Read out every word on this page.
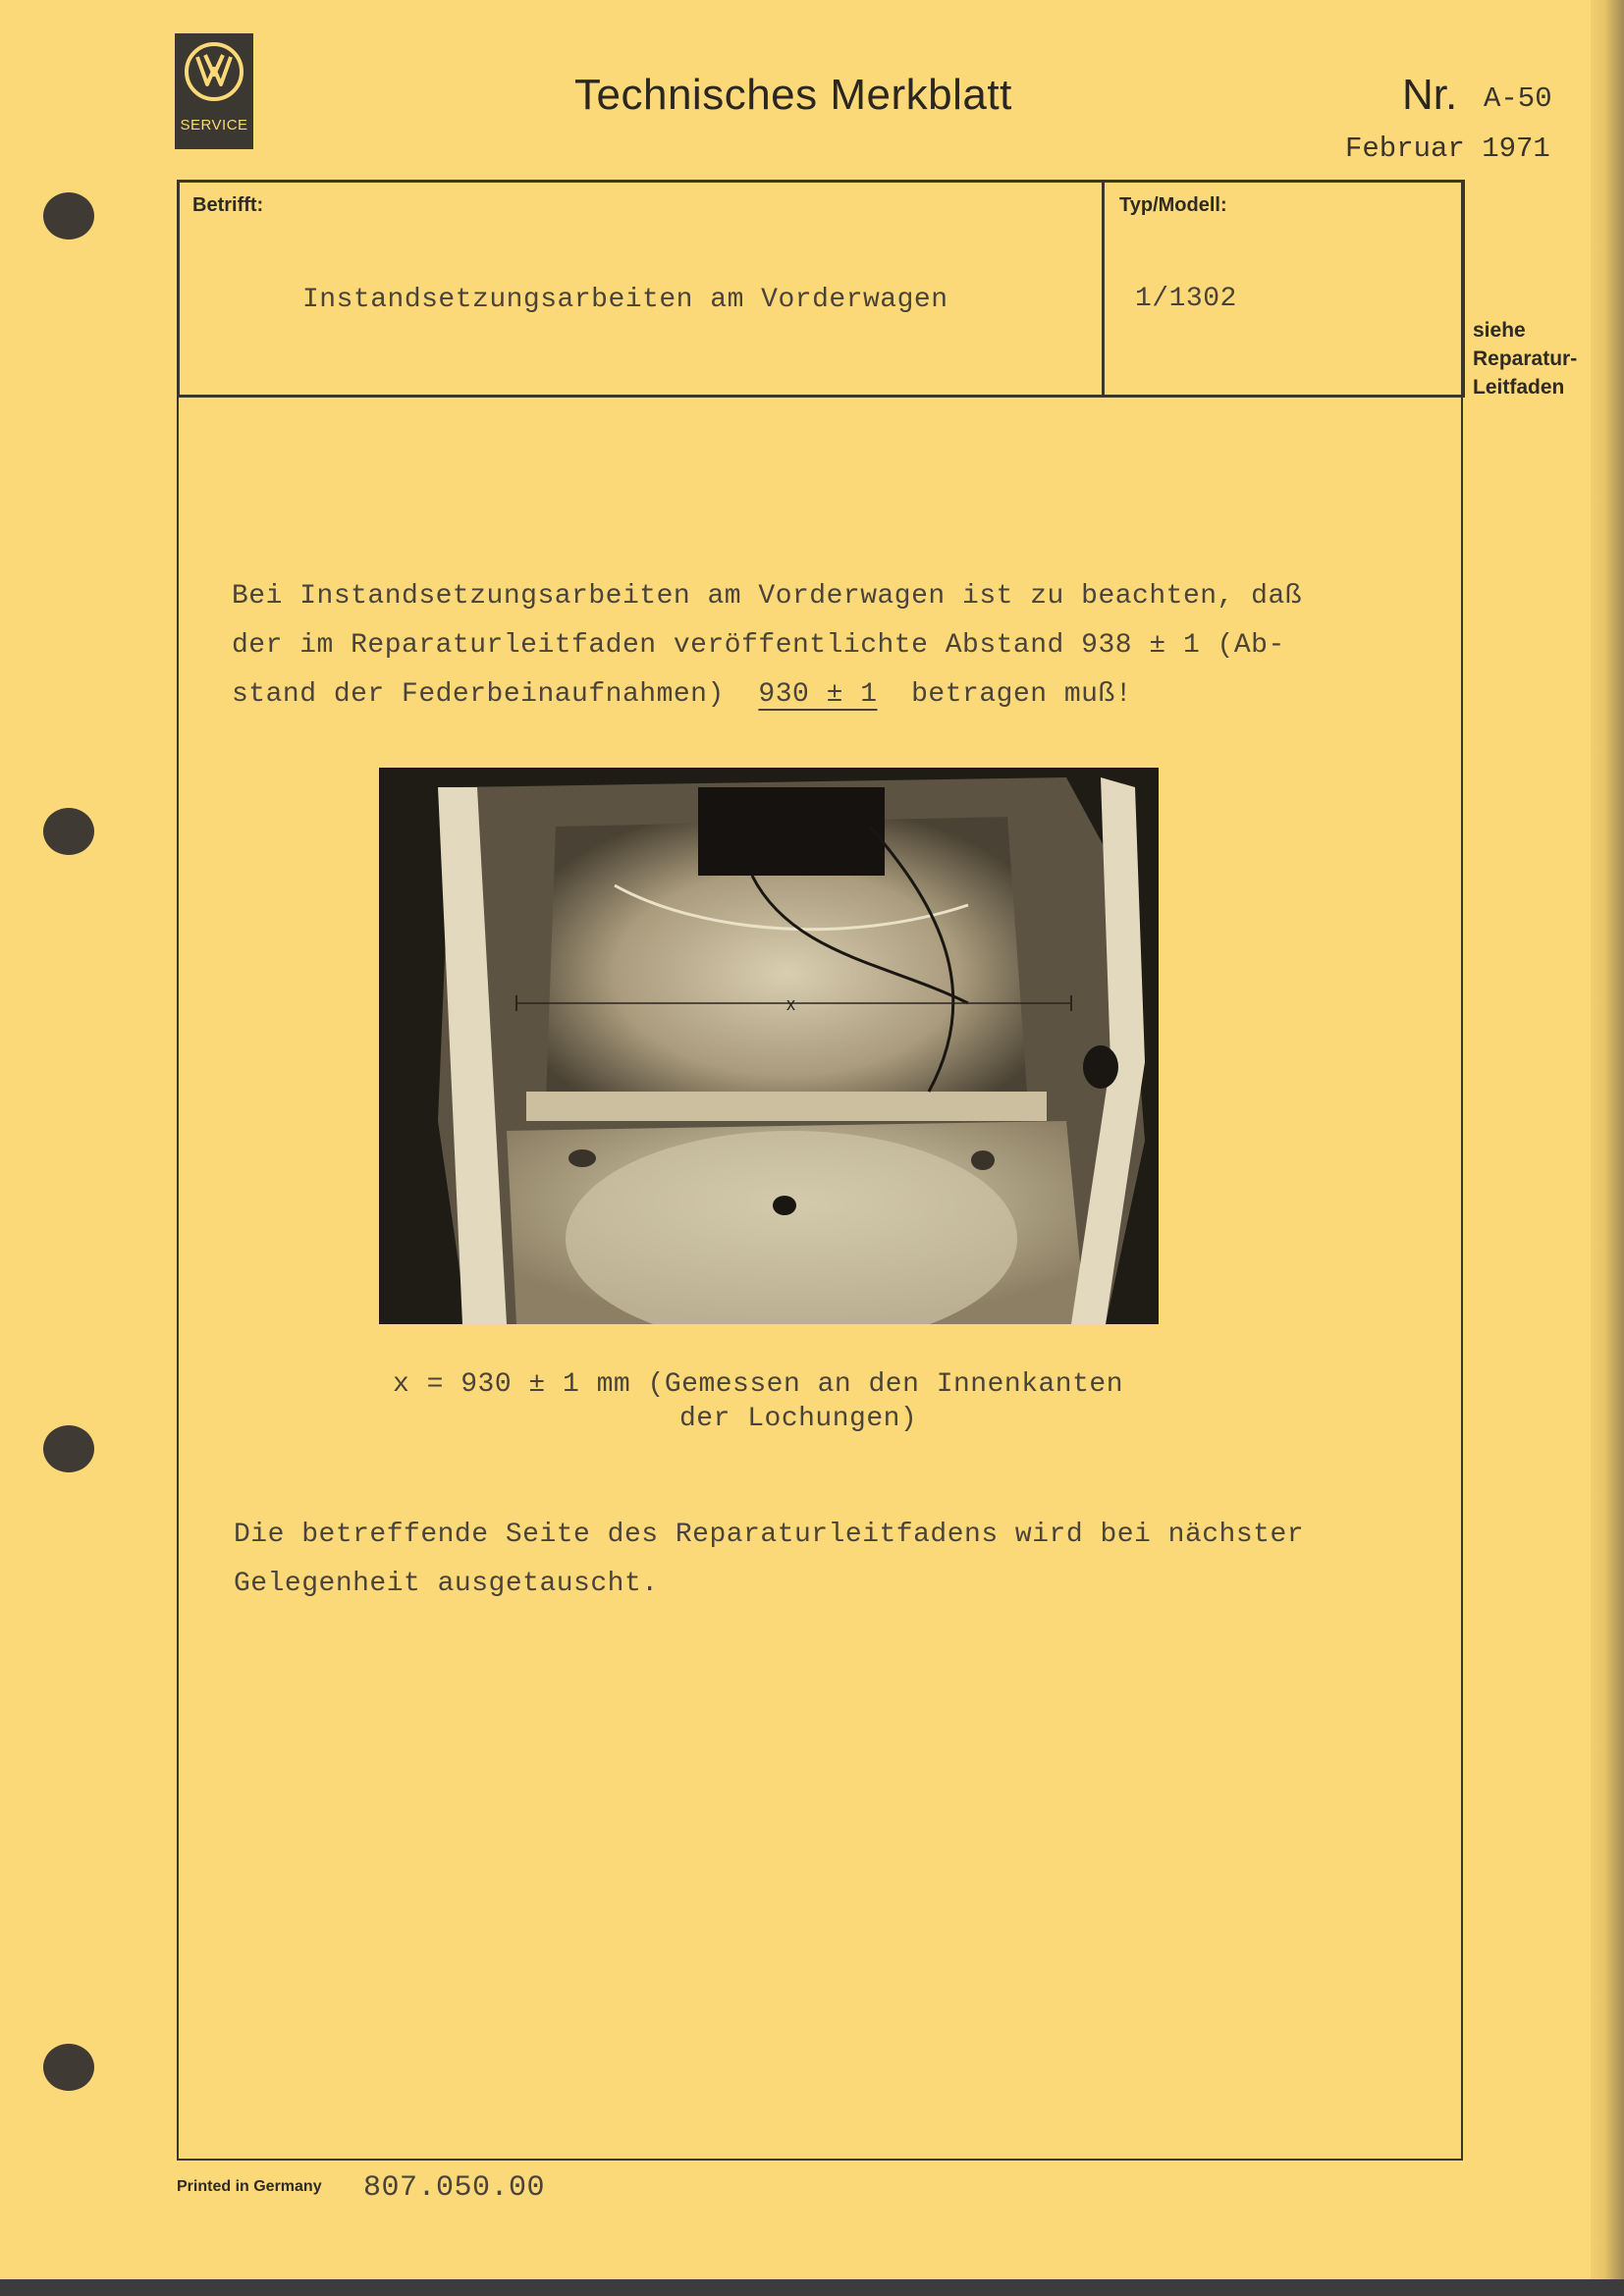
SERVICE
Technisches Merkblatt	Nr. A-50
Februar 1971
Betrifft:	Typ/Modell:
Instandsetzungsarbeiten am Vorderwagen	1/1302
siehe
Reparatur-
Leitfaden
Bei Instandsetzungsarbeiten am Vorderwagen ist zu beachten, daß
der im Reparaturleitfaden veröffentlichte Abstand 938 ± 1 (Ab-
stand der Federbeinaufnahmen) 930 ± 1 betragen muß!
x
x = 930 ± 1 mm (Gemessen an den Innenkanten
der Lochungen)
Die betreffende Seite des Reparaturleitfadens wird bei nächster
Gelegenheit ausgetauscht.
Printed in Germany 807.050.00
